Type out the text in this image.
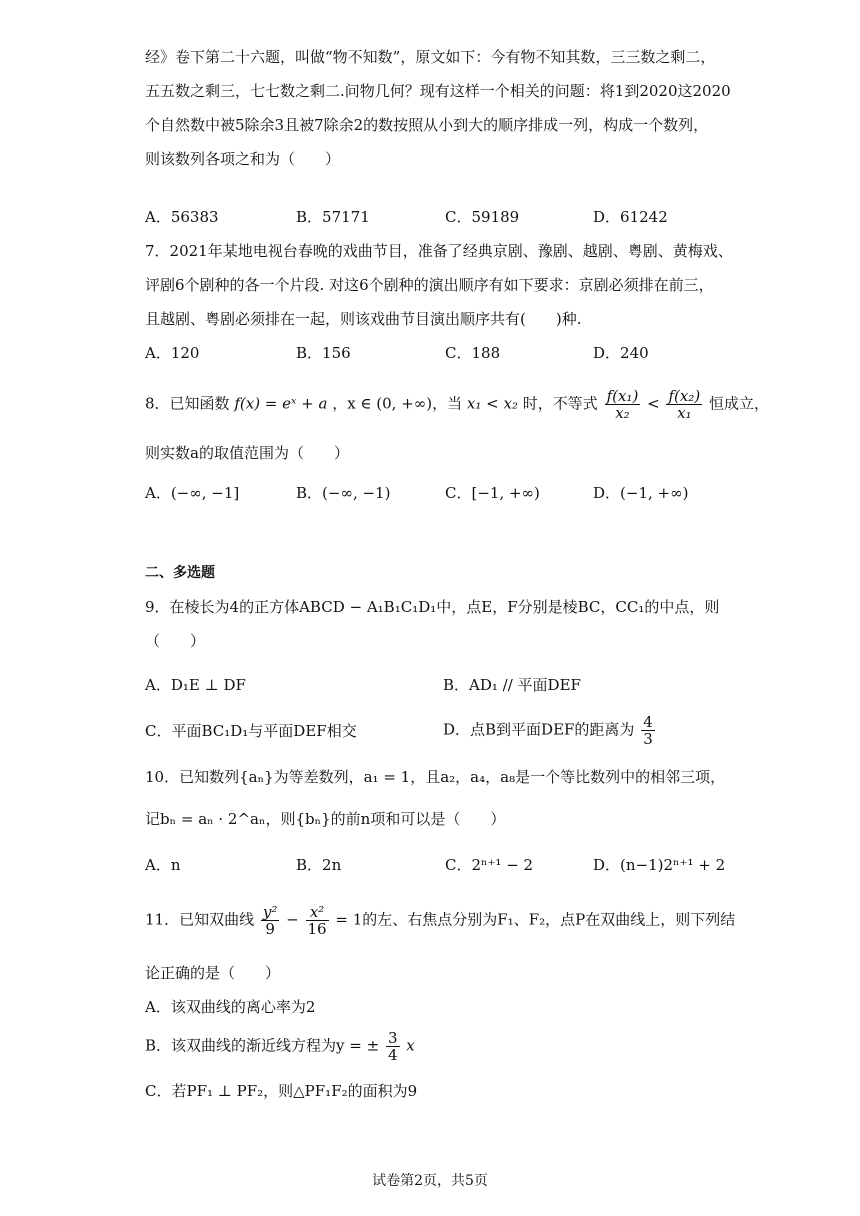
经》卷下第二十六题，叫做“物不知数”，原文如下：今有物不知其数，三三数之剩二，
五五数之剩三，七七数之剩二.问物几何？现有这样一个相关的问题：将1到2020这2020
个自然数中被5除余3且被7除余2的数按照从小到大的顺序排成一列，构成一个数列，
则该数列各项之和为（　　）
A．56383	B．57171	C．59189	D．61242
7．2021年某地电视台春晚的戏曲节目，准备了经典京剧、豫剧、越剧、粤剧、黄梅戏、
评剧6个剧种的各一个片段. 对这6个剧种的演出顺序有如下要求：京剧必须排在前三，
且越剧、粤剧必须排在一起，则该戏曲节目演出顺序共有(　　)种.
A．120	B．156	C．188	D．240
8．已知函数 f(x) = eˣ + a ，x ∈ (0, +∞)，当 x₁ < x₂ 时，不等式 $\frac{\text{f(x₁)}}{\text{x₂}} < \frac{\text{f(x₂)}}{\text{x₁}}$ 恒成立，
则实数a的取值范围为（　　）
A．(−∞, −1]	B．(−∞, −1)	C．[−1, +∞)	D．(−1, +∞)
二、多选题
9．在棱长为4的正方体ABCD − A₁B₁C₁D₁中，点E，F分别是棱BC，CC₁的中点，则
（　　）
A．D₁E ⊥ DF	B．AD₁ // 平面DEF
C．平面BC₁D₁与平面DEF相交	D．点B到平面DEF的距离为 $\frac{4}{3}$
10．已知数列{aₙ}为等差数列，a₁ = 1，且a₂，a₄，a₈是一个等比数列中的相邻三项，
记bₙ = aₙ · 2^aₙ，则{bₙ}的前n项和可以是（　　）
A．n	B．2n	C．2ⁿ⁺¹ − 2	D．(n−1)2ⁿ⁺¹ + 2
11．已知双曲线 $\frac{\text{y²}}{9} - \frac{\text{x²}}{16} = 1$的左、右焦点分别为F₁、F₂，点P在双曲线上，则下列结
论正确的是（　　）
A．该双曲线的离心率为2
B．该双曲线的渐近线方程为y = ± $\frac{3}{4}$ x
C．若PF₁ ⊥ PF₂，则△PF₁F₂的面积为9
试卷第2页，共5页
